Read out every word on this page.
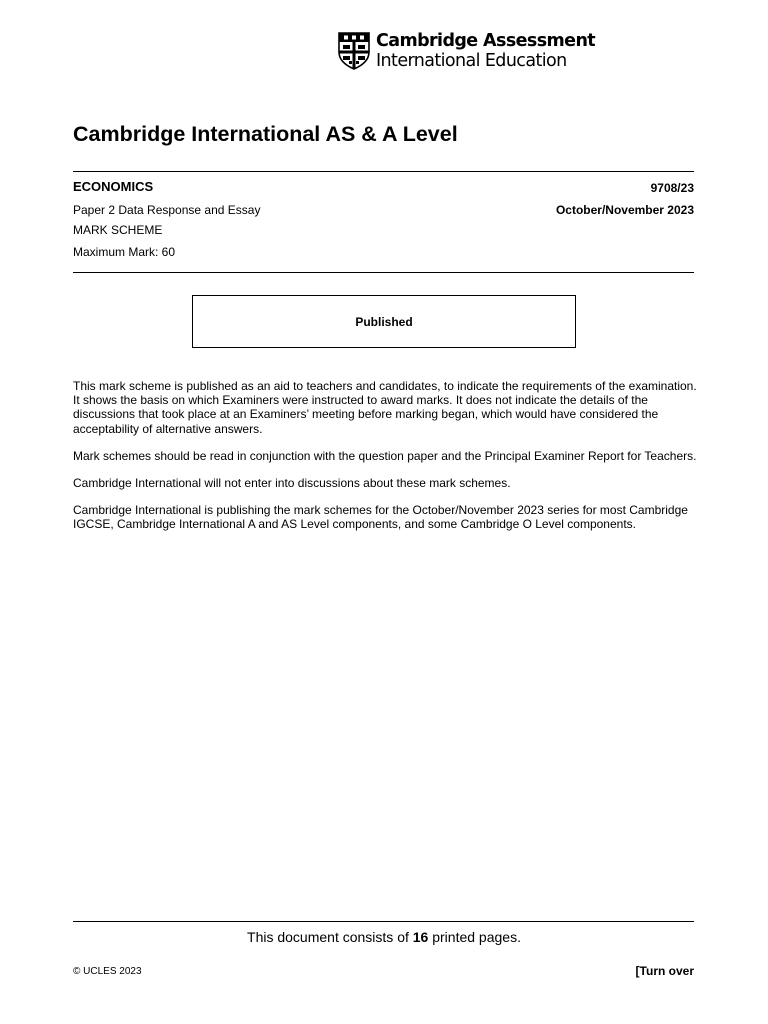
Cambridge Assessment
International Education
Cambridge International AS & A Level
ECONOMICS	9708/23
Paper 2 Data Response and Essay	October/November 2023
MARK SCHEME
Maximum Mark: 60
Published

This mark scheme is published as an aid to teachers and candidates, to indicate the requirements of the examination. It shows the basis on which Examiners were instructed to award marks. It does not indicate the details of the discussions that took place at an Examiners’ meeting before marking began, which would have considered the acceptability of alternative answers.

Mark schemes should be read in conjunction with the question paper and the Principal Examiner Report for Teachers.

Cambridge International will not enter into discussions about these mark schemes.

Cambridge International is publishing the mark schemes for the October/November 2023 series for most Cambridge IGCSE, Cambridge International A and AS Level components, and some Cambridge O Level components.

This document consists of 16 printed pages.
© UCLES 2023	[Turn over
